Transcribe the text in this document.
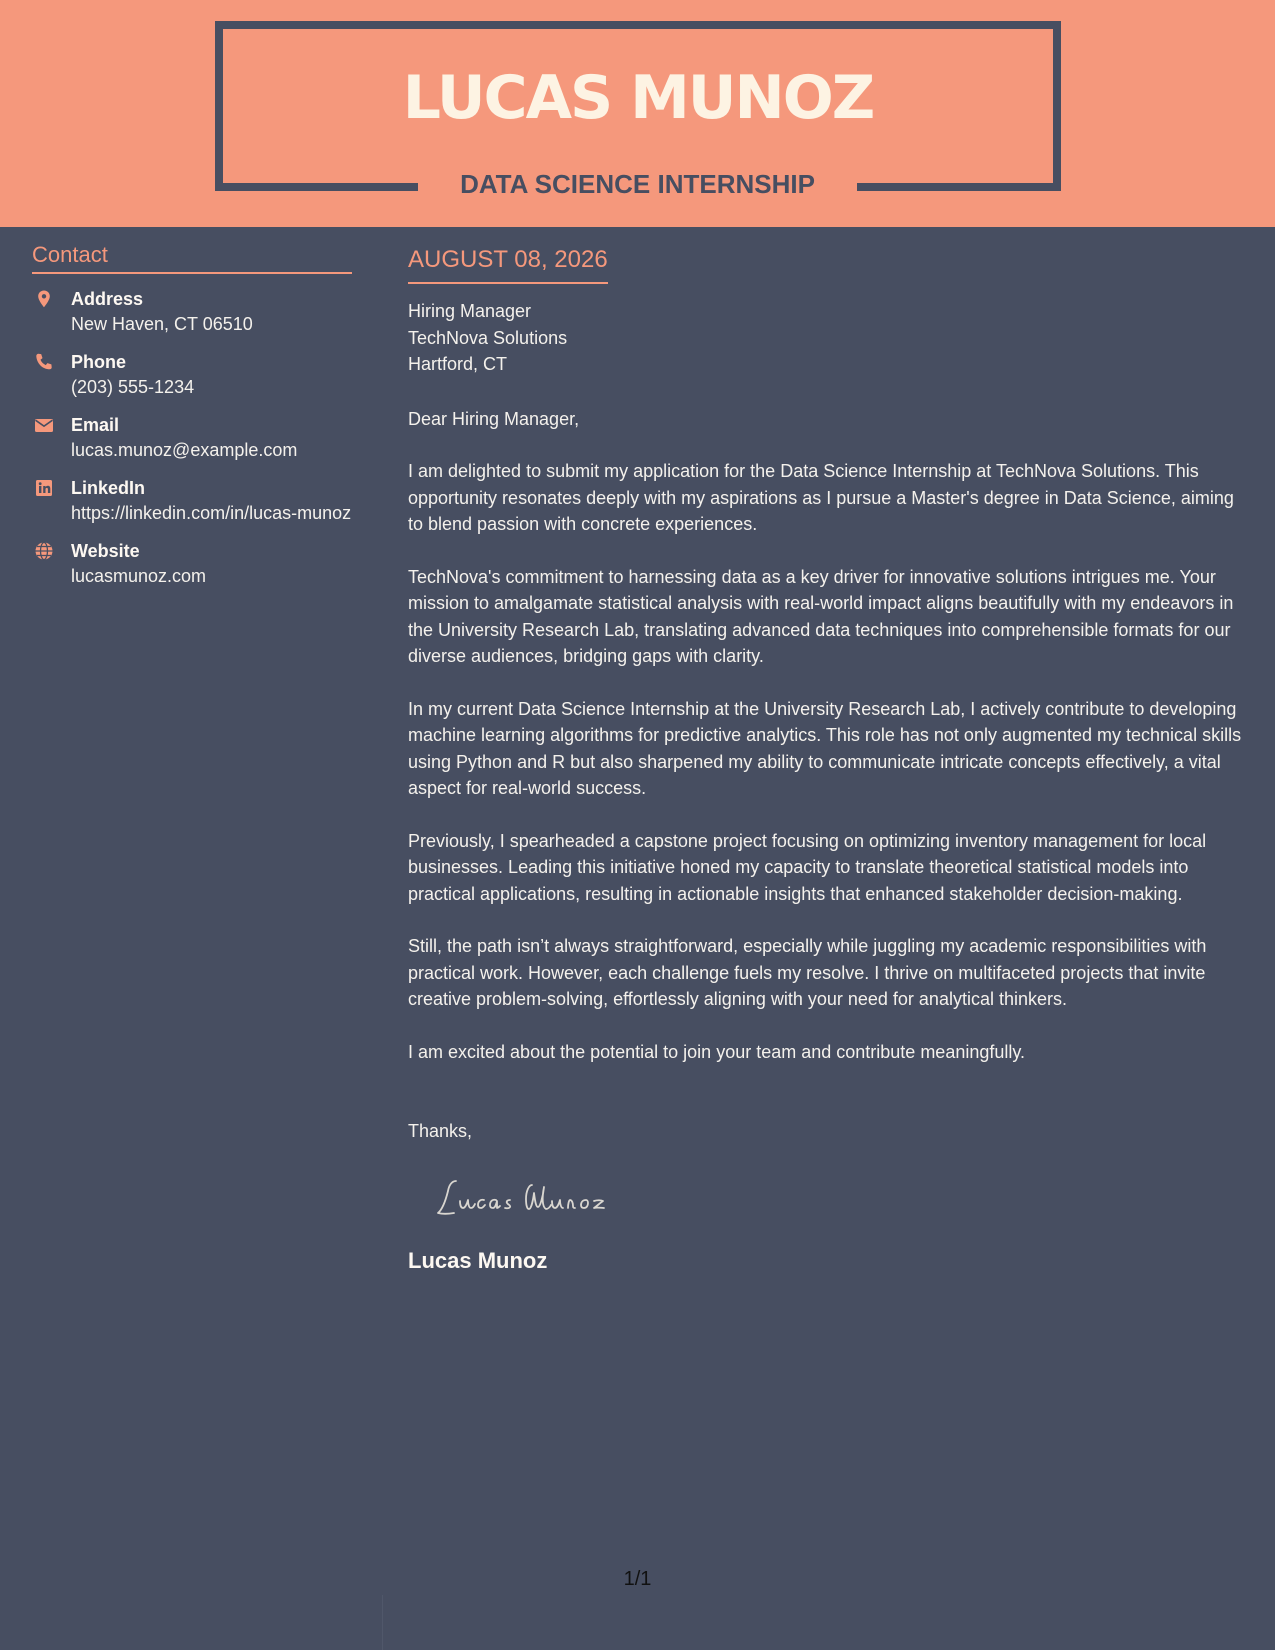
LUCAS MUNOZ
DATA SCIENCE INTERNSHIP
Contact
Address
New Haven, CT 06510
Phone
(203) 555-1234
Email
lucas.munoz@example.com
LinkedIn
https://linkedin.com/in/lucas-munoz
Website
lucasmunoz.com
AUGUST 08, 2026
Hiring Manager
TechNova Solutions
Hartford, CT
Dear Hiring Manager,
I am delighted to submit my application for the Data Science Internship at TechNova Solutions. This opportunity resonates deeply with my aspirations as I pursue a Master's degree in Data Science, aiming to blend passion with concrete experiences.
TechNova's commitment to harnessing data as a key driver for innovative solutions intrigues me. Your mission to amalgamate statistical analysis with real-world impact aligns beautifully with my endeavors in the University Research Lab, translating advanced data techniques into comprehensible formats for our diverse audiences, bridging gaps with clarity.
In my current Data Science Internship at the University Research Lab, I actively contribute to developing machine learning algorithms for predictive analytics. This role has not only augmented my technical skills using Python and R but also sharpened my ability to communicate intricate concepts effectively, a vital aspect for real-world success.
Previously, I spearheaded a capstone project focusing on optimizing inventory management for local businesses. Leading this initiative honed my capacity to translate theoretical statistical models into practical applications, resulting in actionable insights that enhanced stakeholder decision-making.
Still, the path isn’t always straightforward, especially while juggling my academic responsibilities with practical work. However, each challenge fuels my resolve. I thrive on multifaceted projects that invite creative problem-solving, effortlessly aligning with your need for analytical thinkers.
I am excited about the potential to join your team and contribute meaningfully.
Thanks,
Lucas Munoz
1/1
